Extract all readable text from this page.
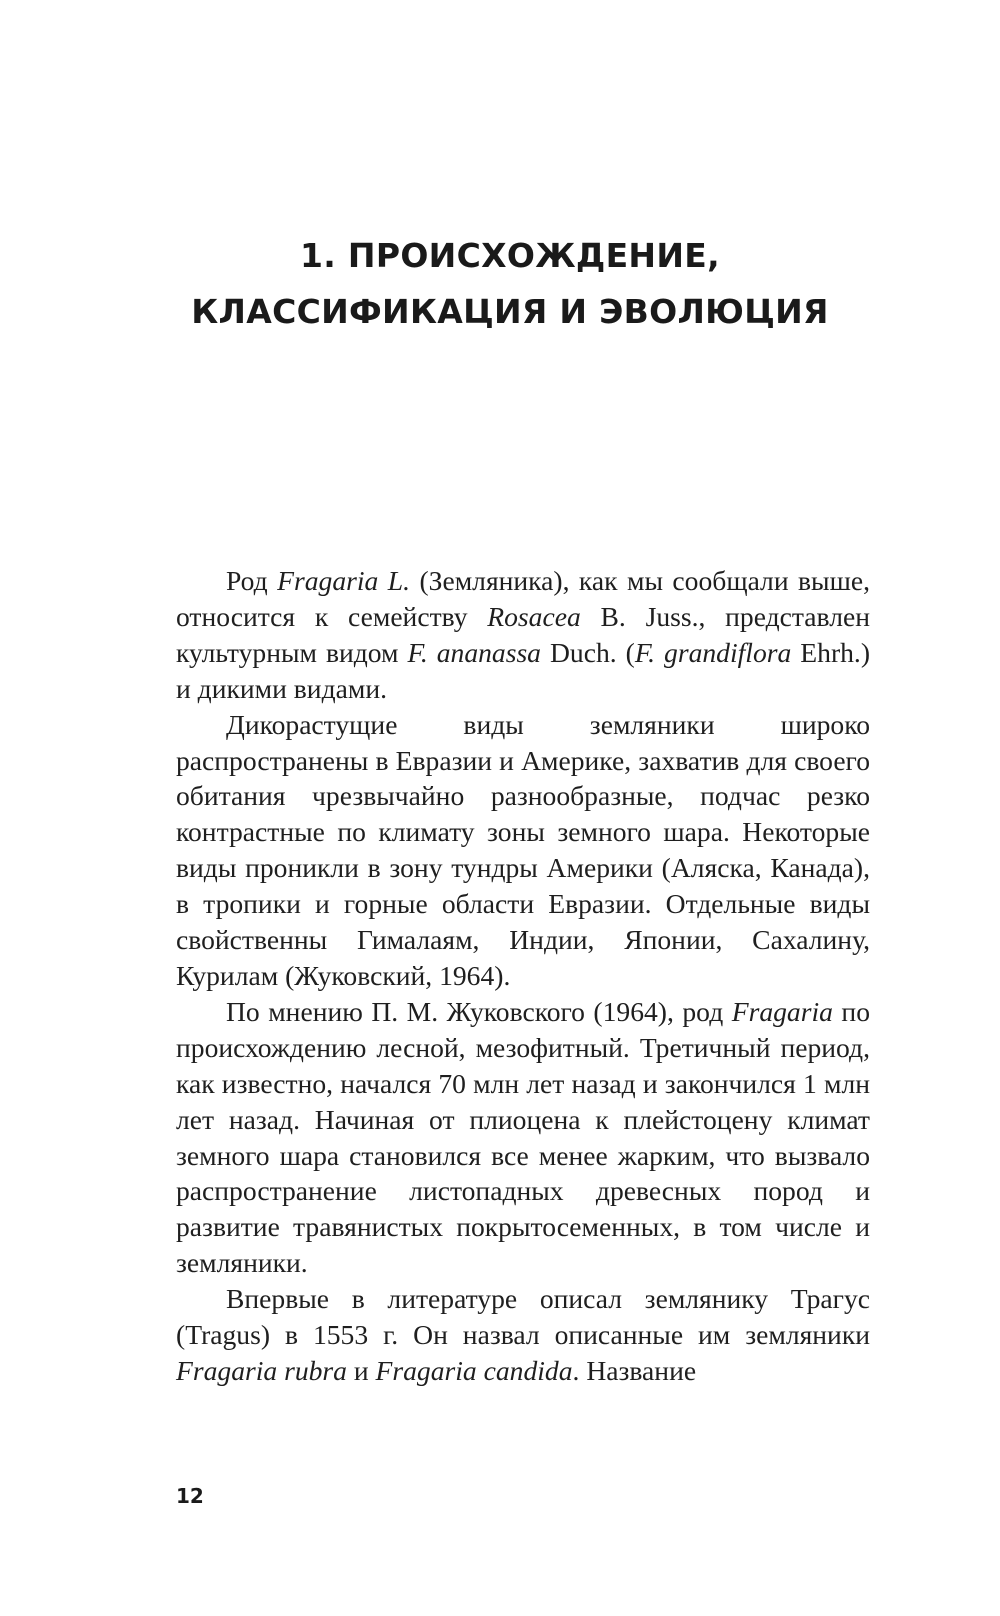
1. ПРОИСХОЖДЕНИЕ,
КЛАССИФИКАЦИЯ И ЭВОЛЮЦИЯ

Род Fragaria L. (Земляника), как мы сообщали выше, относится к семейству Rosacea B. Juss., представлен культурным видом F. ananassa Duch. (F. grandiflora Ehrh.) и дикими видами.

Дикорастущие виды земляники широко распространены в Евразии и Америке, захватив для своего обитания чрезвычайно разнообразные, подчас резко контрастные по климату зоны земного шара. Некоторые виды проникли в зону тундры Америки (Аляска, Канада), в тропики и горные области Евразии. Отдельные виды свойственны Гималаям, Индии, Японии, Сахалину, Курилам (Жуковский, 1964).

По мнению П. М. Жуковского (1964), род Fragaria по происхождению лесной, мезофитный. Третичный период, как известно, начался 70 млн лет назад и закончился 1 млн лет назад. Начиная от плиоцена к плейстоцену климат земного шара становился все менее жарким, что вызвало распространение листопадных древесных пород и развитие травянистых покрытосеменных, в том числе и земляники.

Впервые в литературе описал землянику Трагус (Tragus) в 1553 г. Он назвал описанные им земляники Fragaria rubra и Fragaria candida. Название

12
